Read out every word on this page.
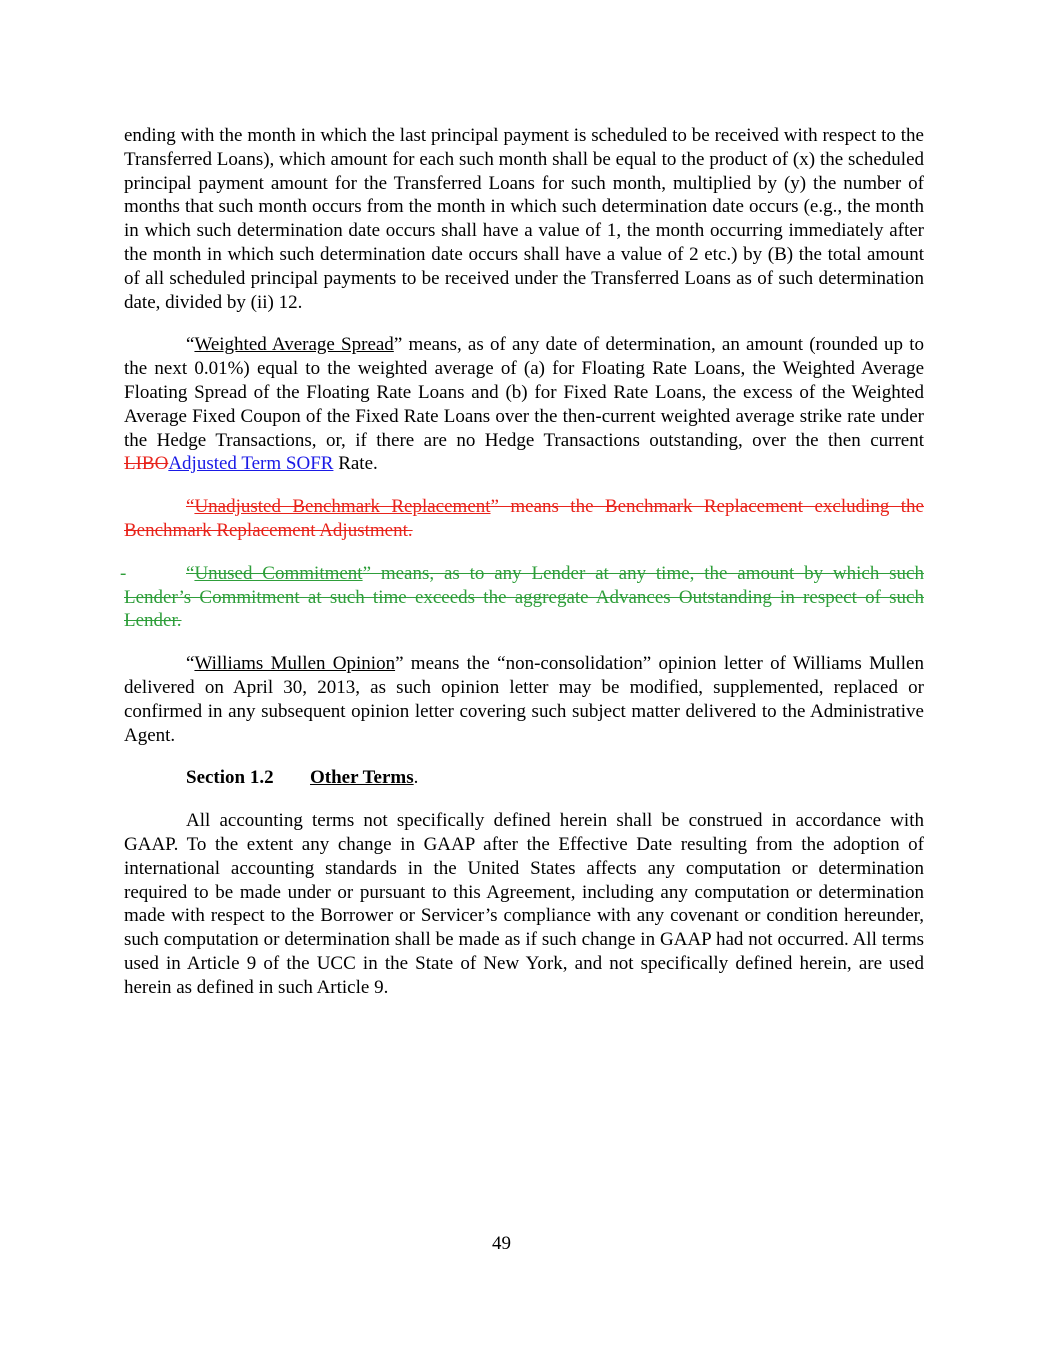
ending with the month in which the last principal payment is scheduled to be received with respect to the Transferred Loans), which amount for each such month shall be equal to the product of (x) the scheduled principal payment amount for the Transferred Loans for such month, multiplied by (y) the number of months that such month occurs from the month in which such determination date occurs (e.g., the month in which such determination date occurs shall have a value of 1, the month occurring immediately after the month in which such determination date occurs shall have a value of 2 etc.) by (B) the total amount of all scheduled principal payments to be received under the Transferred Loans as of such determination date, divided by (ii) 12.

“Weighted Average Spread” means, as of any date of determination, an amount (rounded up to the next 0.01%) equal to the weighted average of (a) for Floating Rate Loans, the Weighted Average Floating Spread of the Floating Rate Loans and (b) for Fixed Rate Loans, the excess of the Weighted Average Fixed Coupon of the Fixed Rate Loans over the then-current weighted average strike rate under the Hedge Transactions, or, if there are no Hedge Transactions outstanding, over the then current LIBOAdjusted Term SOFR Rate.

“Unadjusted Benchmark Replacement” means the Benchmark Replacement excluding the Benchmark Replacement Adjustment.

-	“Unused Commitment” means, as to any Lender at any time, the amount by which such Lender’s Commitment at such time exceeds the aggregate Advances Outstanding in respect of such Lender.

“Williams Mullen Opinion” means the “non-consolidation” opinion letter of Williams Mullen delivered on April 30, 2013, as such opinion letter may be modified, supplemented, replaced or confirmed in any subsequent opinion letter covering such subject matter delivered to the Administrative Agent.

Section 1.2 Other Terms.

All accounting terms not specifically defined herein shall be construed in accordance with GAAP. To the extent any change in GAAP after the Effective Date resulting from the adoption of international accounting standards in the United States affects any computation or determination required to be made under or pursuant to this Agreement, including any computation or determination made with respect to the Borrower or Servicer’s compliance with any covenant or condition hereunder, such computation or determination shall be made as if such change in GAAP had not occurred. All terms used in Article 9 of the UCC in the State of New York, and not specifically defined herein, are used herein as defined in such Article 9.

49
